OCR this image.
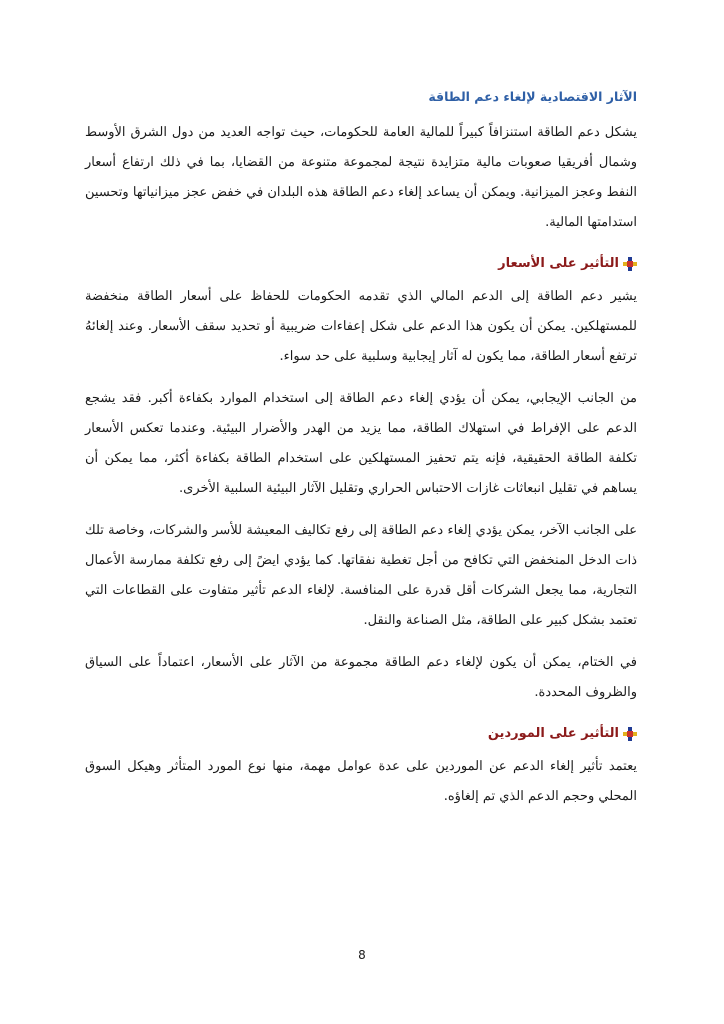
الآثار الاقتصادية لإلغاء دعم الطاقة

يشكل دعم الطاقة استنزافاً كبيراً للمالية العامة للحكومات، حيث تواجه العديد من دول الشرق الأوسط وشمال أفريقيا صعوبات مالية متزايدة نتيجة لمجموعة متنوعة من القضايا، بما في ذلك ارتفاع أسعار النفط وعجز الميزانية. ويمكن أن يساعد إلغاء دعم الطاقة هذه البلدان في خفض عجز ميزانياتها وتحسين استدامتها المالية.

التأثير على الأسعار

يشير دعم الطاقة إلى الدعم المالي الذي تقدمه الحكومات للحفاظ على أسعار الطاقة منخفضة للمستهلكين. يمكن أن يكون هذا الدعم على شكل إعفاءات ضريبية أو تحديد سقف الأسعار. وعند إلغائهُ ترتفع أسعار الطاقة، مما يكون له آثار إيجابية وسلبية على حد سواء.

من الجانب الإيجابي، يمكن أن يؤدي إلغاء دعم الطاقة إلى استخدام الموارد بكفاءة أكبر. فقد يشجع الدعم على الإفراط في استهلاك الطاقة، مما يزيد من الهدر والأضرار البيئية. وعندما تعكس الأسعار تكلفة الطاقة الحقيقية، فإنه يتم تحفيز المستهلكين على استخدام الطاقة بكفاءة أكثر، مما يمكن أن يساهم في تقليل انبعاثات غازات الاحتباس الحراري وتقليل الآثار البيئية السلبية الأخرى.

على الجانب الآخر، يمكن يؤدي إلغاء دعم الطاقة إلى رفع تكاليف المعيشة للأسر والشركات، وخاصة تلك ذات الدخل المنخفض التي تكافح من أجل تغطية نفقاتها. كما يؤدي ايضً إلى رفع تكلفة ممارسة الأعمال التجارية، مما يجعل الشركات أقل قدرة على المنافسة. لإلغاء الدعم تأثير متفاوت على القطاعات التي تعتمد بشكل كبير على الطاقة، مثل الصناعة والنقل.

في الختام، يمكن أن يكون لإلغاء دعم الطاقة مجموعة من الآثار على الأسعار، اعتماداً على السياق والظروف المحددة.

التأثير على الموردين

يعتمد تأثير إلغاء الدعم عن الموردين على عدة عوامل مهمة، منها نوع المورد المتأثر وهيكل السوق المحلي وحجم الدعم الذي تم إلغاؤه.

8
